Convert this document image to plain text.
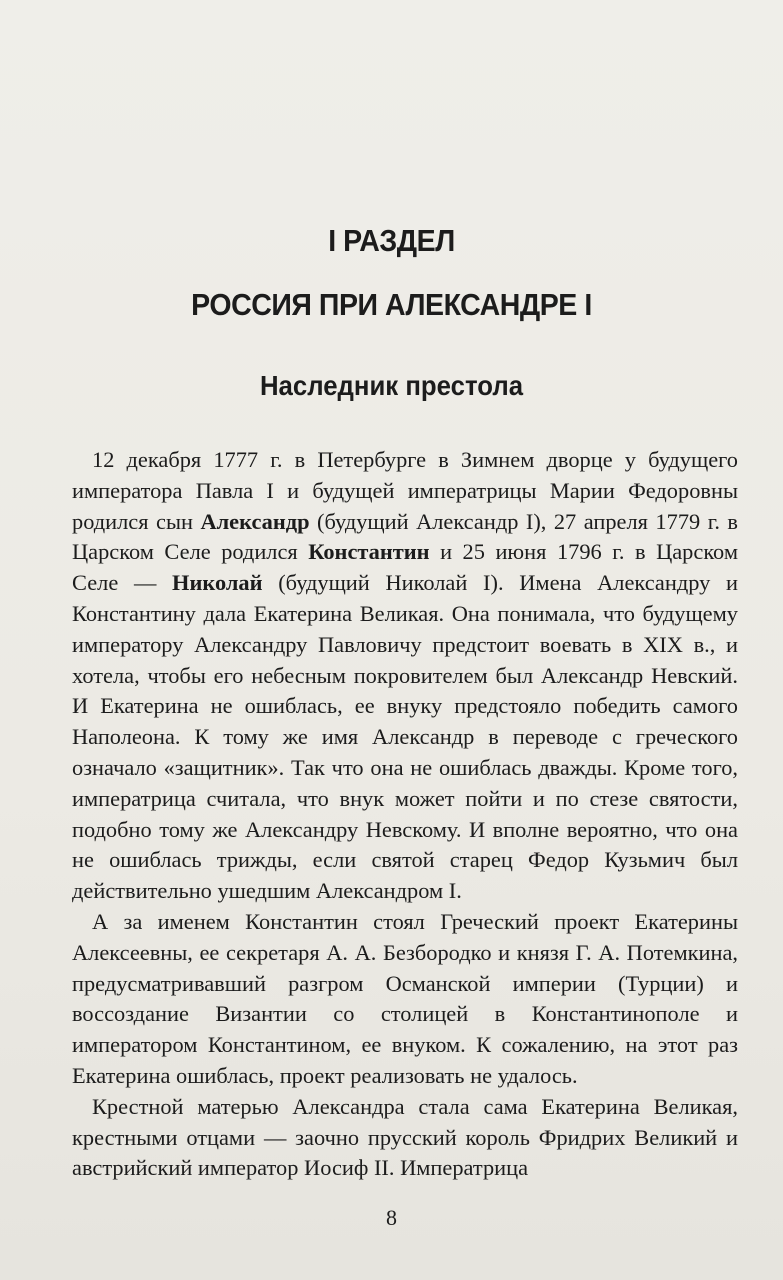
I РАЗДЕЛ
РОССИЯ ПРИ АЛЕКСАНДРЕ I
Наследник престола

12 декабря 1777 г. в Петербурге в Зимнем дворце у будущего императора Павла I и будущей императрицы Марии Федоровны родился сын Александр (будущий Александр I), 27 апреля 1779 г. в Царском Селе родился Константин и 25 июня 1796 г. в Царском Селе — Николай (будущий Николай I). Имена Александру и Константину дала Екатерина Великая. Она понимала, что будущему императору Александру Павловичу предстоит воевать в XIX в., и хотела, чтобы его небесным покровителем был Александр Невский. И Екатерина не ошиблась, ее внуку предстояло победить самого Наполеона. К тому же имя Александр в переводе с греческого означало «защитник». Так что она не ошиблась дважды. Кроме того, императрица считала, что внук может пойти и по стезе святости, подобно тому же Александру Невскому. И вполне вероятно, что она не ошиблась трижды, если святой старец Федор Кузьмич был действительно ушедшим Александром I.

А за именем Константин стоял Греческий проект Екатерины Алексеевны, ее секретаря А. А. Безбородко и князя Г. А. Потемкина, предусматривавший разгром Османской империи (Турции) и воссоздание Византии со столицей в Константинополе и императором Константином, ее внуком. К сожалению, на этот раз Екатерина ошиблась, проект реализовать не удалось.

Крестной матерью Александра стала сама Екатерина Великая, крестными отцами — заочно прусский король Фридрих Великий и австрийский император Иосиф II. Императрица

8
